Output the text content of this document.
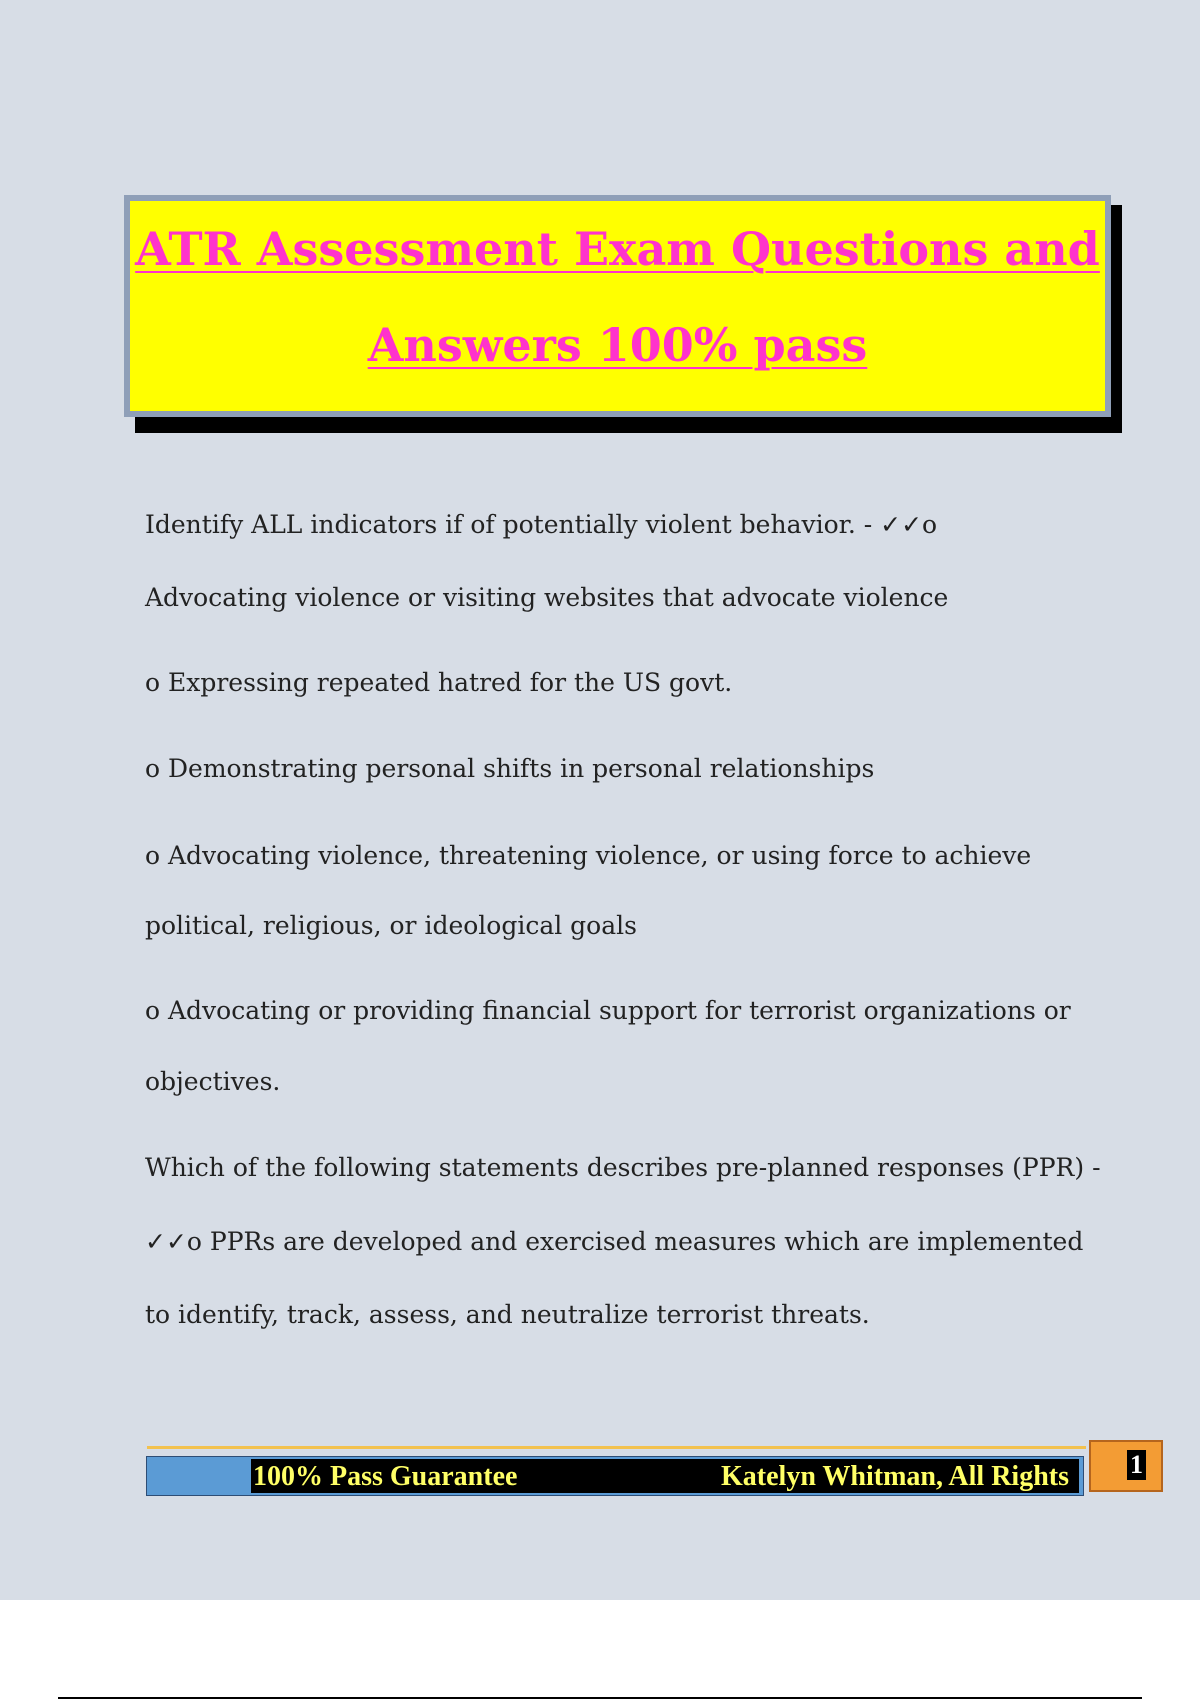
ATR Assessment Exam Questions and
Answers 100% pass
Identify ALL indicators if of potentially violent behavior. - ✓✓o
Advocating violence or visiting websites that advocate violence
o Expressing repeated hatred for the US govt.
o Demonstrating personal shifts in personal relationships
o Advocating violence, threatening violence, or using force to achieve
political, religious, or ideological goals
o Advocating or providing financial support for terrorist organizations or
objectives.
Which of the following statements describes pre-planned responses (PPR) -
✓✓o PPRs are developed and exercised measures which are implemented
to identify, track, assess, and neutralize terrorist threats.
100% Pass Guarantee	Katelyn Whitman, All Rights 1
